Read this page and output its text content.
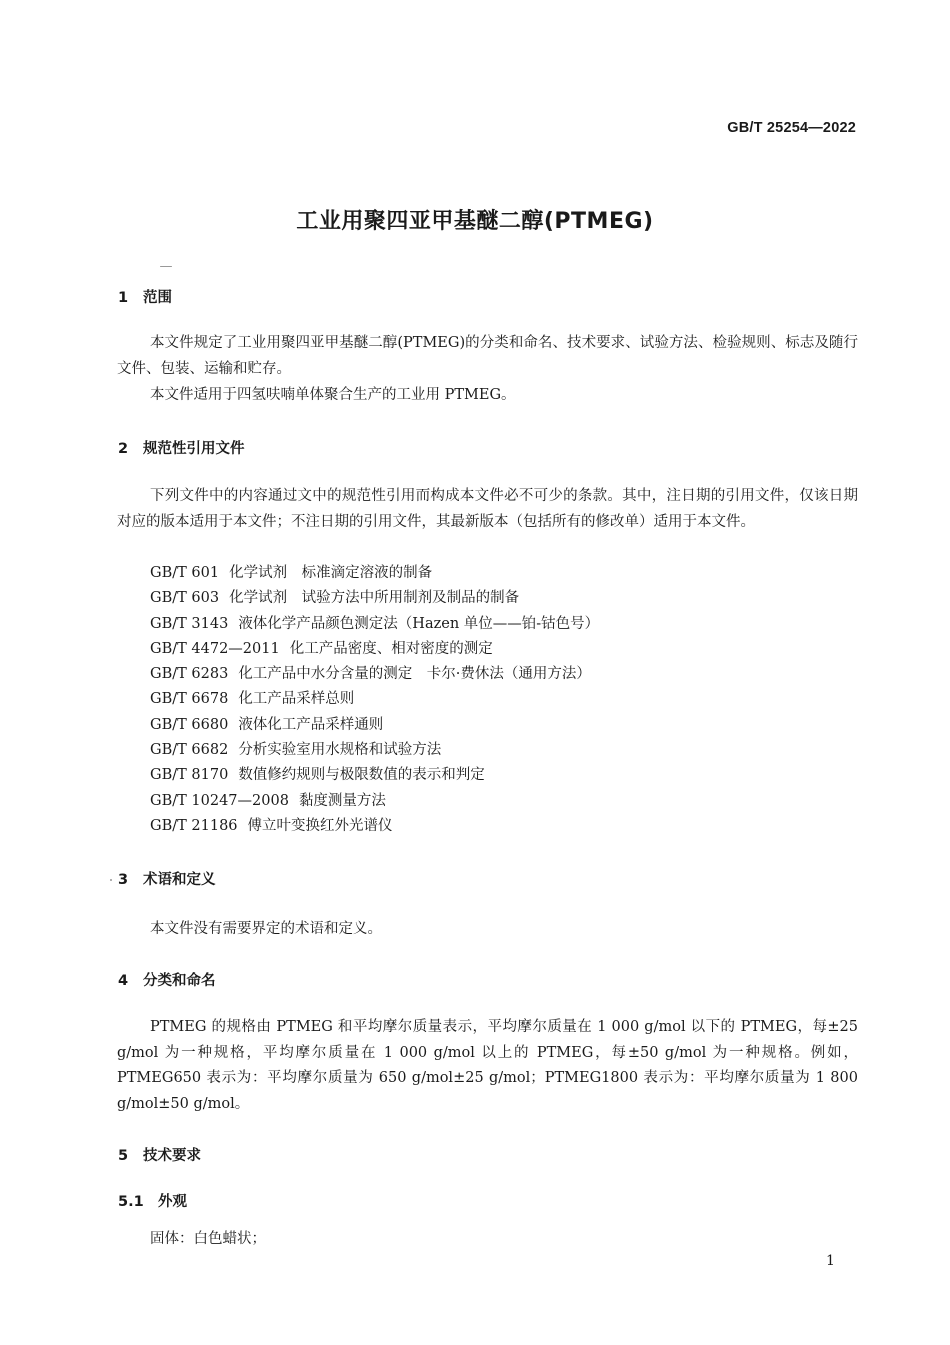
GB/T 25254—2022
工业用聚四亚甲基醚二醇(PTMEG)
1 范围

本文件规定了工业用聚四亚甲基醚二醇(PTMEG)的分类和命名、技术要求、试验方法、检验规则、标志及随行文件、包装、运输和贮存。

本文件适用于四氢呋喃单体聚合生产的工业用 PTMEG。

2 规范性引用文件

下列文件中的内容通过文中的规范性引用而构成本文件必不可少的条款。其中，注日期的引用文件，仅该日期对应的版本适用于本文件；不注日期的引用文件，其最新版本（包括所有的修改单）适用于本文件。

GB/T 601 化学试剂　标准滴定溶液的制备
GB/T 603 化学试剂　试验方法中所用制剂及制品的制备
GB/T 3143 液体化学产品颜色测定法（Hazen 单位——铂-钴色号）
GB/T 4472—2011 化工产品密度、相对密度的测定
GB/T 6283 化工产品中水分含量的测定　卡尔·费休法（通用方法）
GB/T 6678 化工产品采样总则
GB/T 6680 液体化工产品采样通则
GB/T 6682 分析实验室用水规格和试验方法
GB/T 8170 数值修约规则与极限数值的表示和判定
GB/T 10247—2008 黏度测量方法
GB/T 21186 傅立叶变换红外光谱仪
3 术语和定义
本文件没有需要界定的术语和定义。
4 分类和命名

PTMEG 的规格由 PTMEG 和平均摩尔质量表示，平均摩尔质量在 1 000 g/mol 以下的 PTMEG，每±25 g/mol 为一种规格，平均摩尔质量在 1 000 g/mol 以上的 PTMEG，每±50 g/mol 为一种规格。例如，PTMEG650 表示为：平均摩尔质量为 650 g/mol±25 g/mol；PTMEG1800 表示为：平均摩尔质量为 1 800 g/mol±50 g/mol。

5 技术要求
5.1 外观
固体：白色蜡状；
1
